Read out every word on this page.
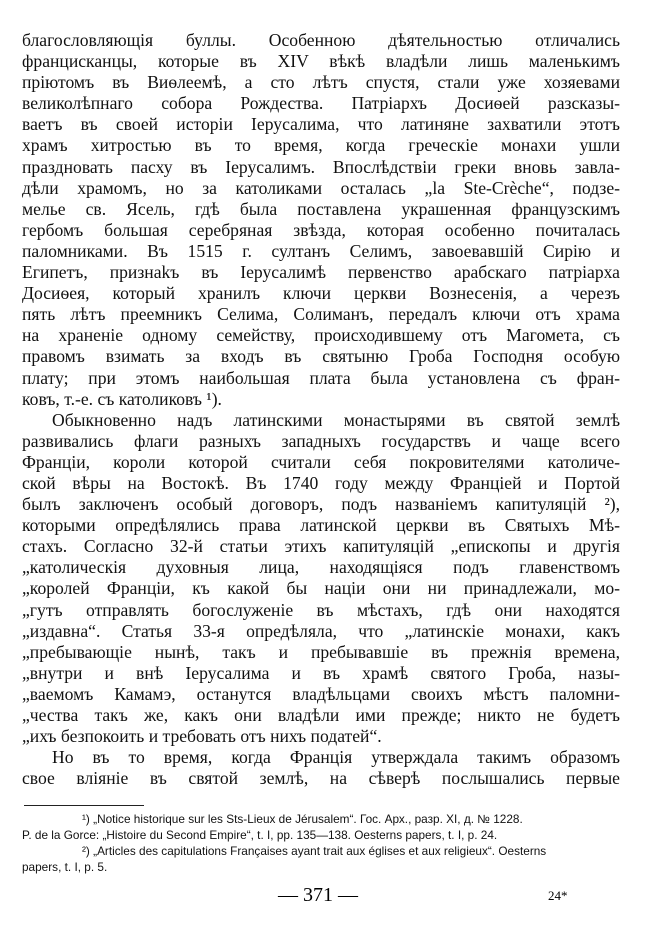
благословляющія буллы. Особенною дѣятельностью отличались
францисканцы, которые въ XIV вѣкѣ владѣли лишь маленькимъ
пріютомъ въ Виѳлеемѣ, а сто лѣтъ спустя, стали уже хозяевами
великолѣпнаго собора Рождества. Патріархъ Досиѳей разсказы-
ваетъ въ своей исторіи Іерусалима, что латиняне захватили этотъ
храмъ хитростью въ то время, когда греческіе монахи ушли
праздновать пасху въ Іерусалимъ. Впослѣдствіи греки вновь завла-
дѣли храмомъ, но за католиками осталась „la Ste-Crèche“, подзе-
мелье св. Ясель, гдѣ была поставлена украшенная французскимъ
гербомъ большая серебряная звѣзда, которая особенно почиталась
паломниками. Въ 1515 г. султанъ Селимъ, завоевавшій Сирію и
Египетъ, признаkъ въ Іерусалимѣ первенство арабскаго патріарха
Досиѳея, который хранилъ ключи церкви Вознесенія, а черезъ
пять лѣтъ преемникъ Селима, Солиманъ, передалъ ключи отъ храма
на храненіе одному семейству, происходившему отъ Магомета, съ
правомъ взимать за входъ въ святыню Гроба Господня особую
плату; при этомъ наибольшая плата была установлена съ фран-
ковъ, т.-е. съ католиковъ ¹).
Обыкновенно надъ латинскими монастырями въ святой землѣ
развивались флаги разныхъ западныхъ государствъ и чаще всего
Франціи, короли которой считали себя покровителями католиче-
ской вѣры на Востокѣ. Въ 1740 году между Франціей и Портой
былъ заключенъ особый договоръ, подъ названіемъ капитуляцій ²),
которыми опредѣлялись права латинской церкви въ Святыхъ Мѣ-
стахъ. Согласно 32-й статьи этихъ капитуляцій „епископы и другія
„католическія духовныя лица, находящіяся подъ главенствомъ
„королей Франціи, къ какой бы націи они ни принадлежали, мо-
„гутъ отправлять богослуженіе въ мѣстахъ, гдѣ они находятся
„издавна“. Статья 33-я опредѣляла, что „латинскіе монахи, какъ
„пребывающіе нынѣ, такъ и пребывавшіе въ прежнія времена,
„внутри и внѣ Іерусалима и въ храмѣ святого Гроба, назы-
„ваемомъ Камамэ, останутся владѣльцами своихъ мѣстъ паломни-
„чества такъ же, какъ они владѣли ими прежде; никто не будетъ
„ихъ безпокоить и требовать отъ нихъ податей“.
Но въ то время, когда Франція утверждала такимъ образомъ
свое вліяніе въ святой землѣ, на сѣверѣ послышались первые
¹) „Notice historique sur les Sts-Lieux de Jérusalem“. Гос. Арх., разр. XI, д. № 1228.
P. de la Gorce: „Histoire du Second Empire“, t. I, pp. 135—138. Oesterns papers, t. I, p. 24.
²) „Articles des capitulations Françaises ayant trait aux églises et aux religieux“. Oesterns
papers, t. I, p. 5.
— 371 —	24*
